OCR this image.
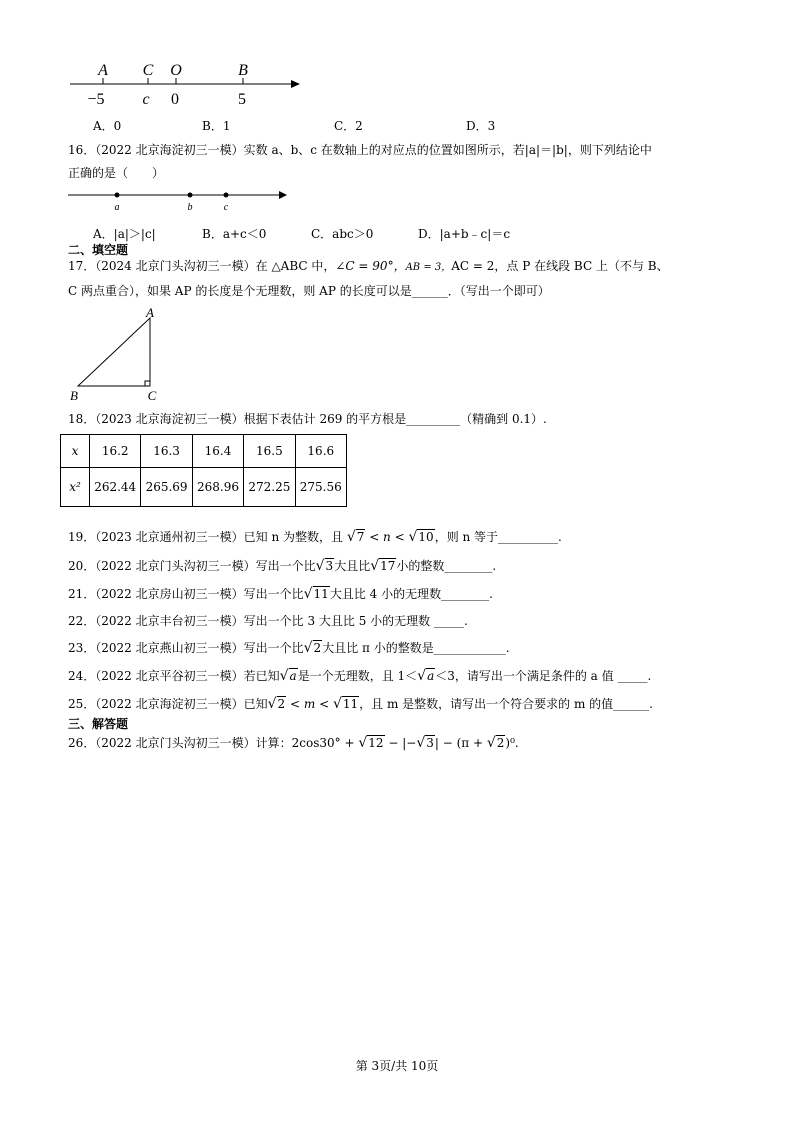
A C O	B
−5 c 0	5
A．0	B．1	C．2	D．3
16．（2022 北京海淀初三一模）实数 a、b、c 在数轴上的对应点的位置如图所示，若|a|＝|b|，则下列结论中
正确的是（　　）
a	b	c
A．|a|＞|c|	B．a+c＜0	C．abc＞0	D．|a+b﹣c|＝c
二、填空题
17．（2024 北京门头沟初三一模）在 △ABC 中，∠C = 90°，AB = 3，AC = 2，点 P 在线段 BC 上（不与 B、
C 两点重合），如果 AP 的长度是个无理数，则 AP 的长度可以是______．（写出一个即可）
A
B	C
18．（2023 北京海淀初三一模）根据下表估计 269 的平方根是_________（精确到 0.1）.
x	16.2	16.3	16.4	16.5	16.6
x²	262.44	265.69	268.96	272.25	275.56
19．（2023 北京通州初三一模）已知 n 为整数，且 √7 < n < √10，则 n 等于__________.
20．（2022 北京门头沟初三一模）写出一个比√3大且比√17小的整数________.
21．（2022 北京房山初三一模）写出一个比√11大且比 4 小的无理数________.
22．（2022 北京丰台初三一模）写出一个比 3 大且比 5 小的无理数 _____.
23．（2022 北京燕山初三一模）写出一个比√2大且比 π 小的整数是____________.
24．（2022 北京平谷初三一模）若已知√a是一个无理数，且 1＜√a＜3，请写出一个满足条件的 a 值 _____.
25．（2022 北京海淀初三一模）已知√2 < m < √11，且 m 是整数，请写出一个符合要求的 m 的值______.
三、解答题
26．（2022 北京门头沟初三一模）计算：2cos30° + √12 − |−√3| − (π + √2)⁰.
第 3页/共 10页
